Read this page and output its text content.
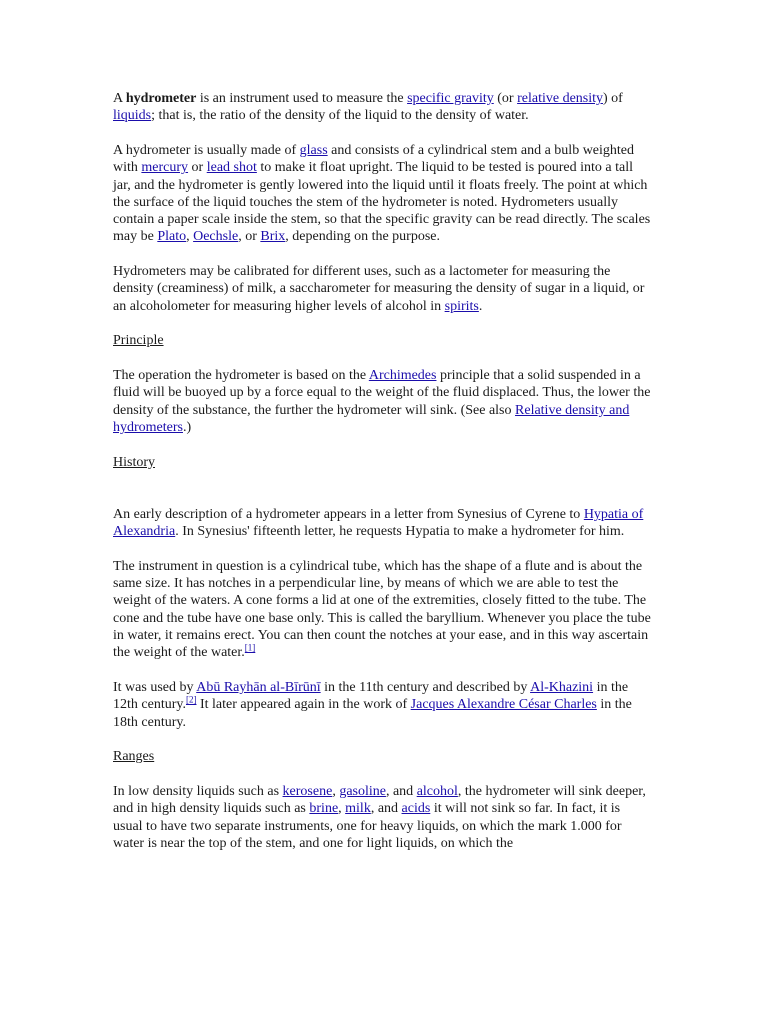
A hydrometer is an instrument used to measure the specific gravity (or relative density) of liquids; that is, the ratio of the density of the liquid to the density of water.

A hydrometer is usually made of glass and consists of a cylindrical stem and a bulb weighted with mercury or lead shot to make it float upright. The liquid to be tested is poured into a tall jar, and the hydrometer is gently lowered into the liquid until it floats freely. The point at which the surface of the liquid touches the stem of the hydrometer is noted. Hydrometers usually contain a paper scale inside the stem, so that the specific gravity can be read directly. The scales may be Plato, Oechsle, or Brix, depending on the purpose.

Hydrometers may be calibrated for different uses, such as a lactometer for measuring the density (creaminess) of milk, a saccharometer for measuring the density of sugar in a liquid, or an alcoholometer for measuring higher levels of alcohol in spirits.

Principle

The operation the hydrometer is based on the Archimedes principle that a solid suspended in a fluid will be buoyed up by a force equal to the weight of the fluid displaced. Thus, the lower the density of the substance, the further the hydrometer will sink. (See also Relative density and hydrometers.)

History

An early description of a hydrometer appears in a letter from Synesius of Cyrene to Hypatia of Alexandria. In Synesius' fifteenth letter, he requests Hypatia to make a hydrometer for him.

The instrument in question is a cylindrical tube, which has the shape of a flute and is about the same size. It has notches in a perpendicular line, by means of which we are able to test the weight of the waters. A cone forms a lid at one of the extremities, closely fitted to the tube. The cone and the tube have one base only. This is called the baryllium. Whenever you place the tube in water, it remains erect. You can then count the notches at your ease, and in this way ascertain the weight of the water.[1]

It was used by Abū Rayhān al-Bīrūnī in the 11th century and described by Al-Khazini in the 12th century.[2] It later appeared again in the work of Jacques Alexandre César Charles in the 18th century.

Ranges

In low density liquids such as kerosene, gasoline, and alcohol, the hydrometer will sink deeper, and in high density liquids such as brine, milk, and acids it will not sink so far. In fact, it is usual to have two separate instruments, one for heavy liquids, on which the mark 1.000 for water is near the top of the stem, and one for light liquids, on which the
